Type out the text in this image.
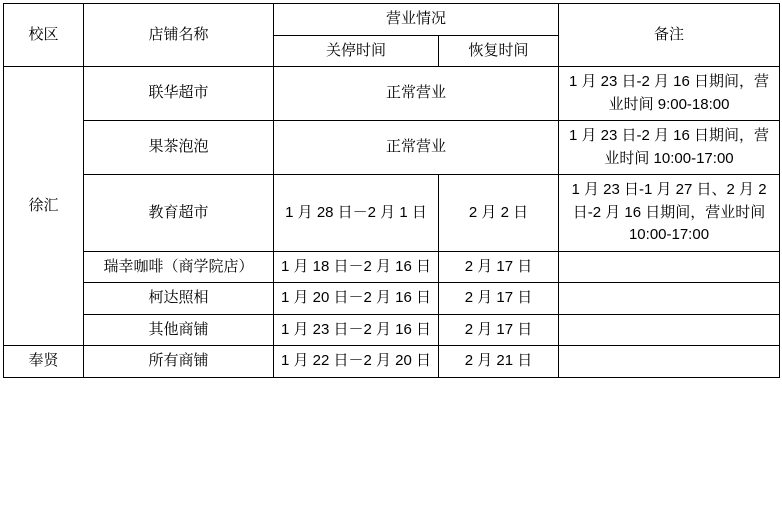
校区	店铺名称	营业情况		备注
		关停时间	恢复时间	
徐汇	联华超市	正常营业		1 月 23 日-2 月 16 日期间，营业时间 9:00-18:00
	果茶泡泡	正常营业		1 月 23 日-2 月 16 日期间，营业时间 10:00-17:00
	教育超市	1 月 28 日－2 月 1 日	2 月 2 日	1 月 23 日-1 月 27 日、2 月 2 日-2 月 16 日期间，营业时间 10:00-17:00
	瑞幸咖啡（商学院店）	1 月 18 日－2 月 16 日	2 月 17 日	
	柯达照相	1 月 20 日－2 月 16 日	2 月 17 日	
	其他商铺	1 月 23 日－2 月 16 日	2 月 17 日	
奉贤	所有商铺	1 月 22 日－2 月 20 日	2 月 21 日	
